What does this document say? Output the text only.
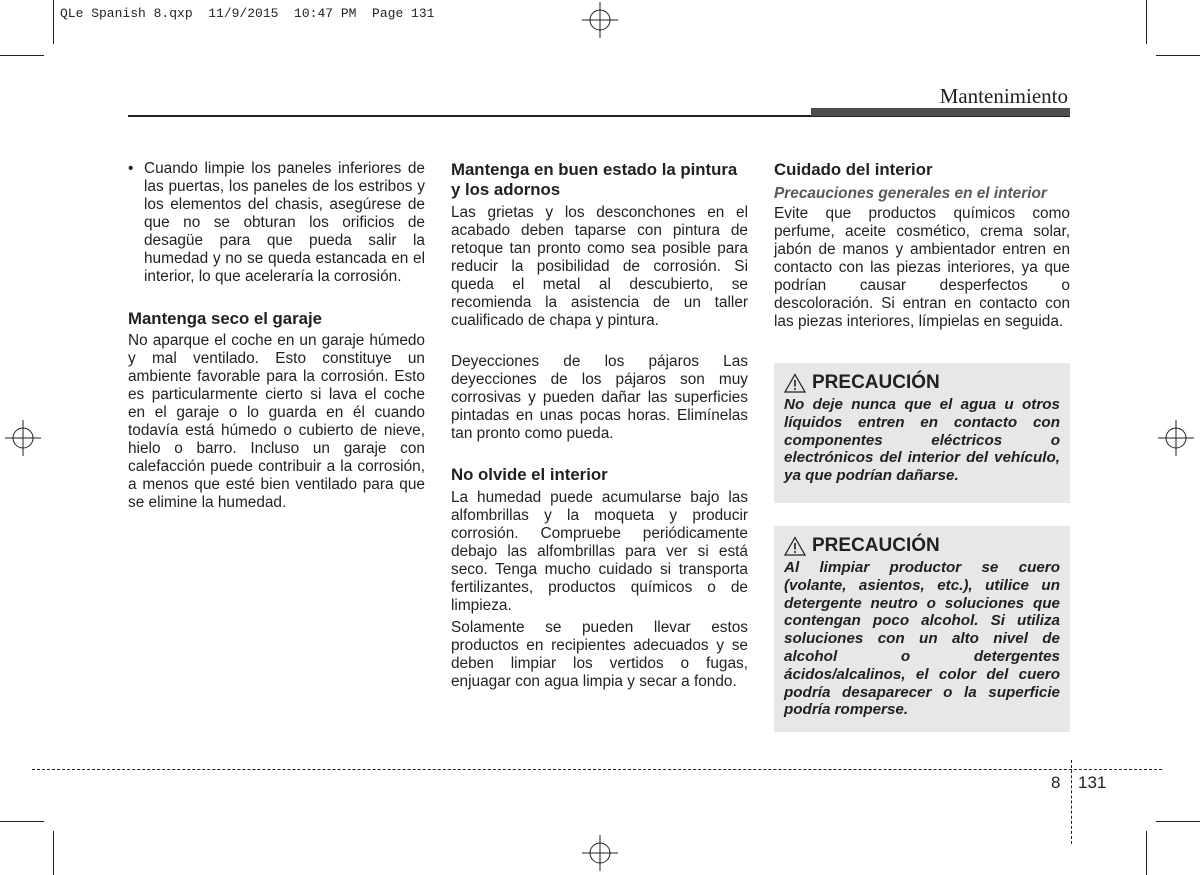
QLe Spanish 8.qxp  11/9/2015  10:47 PM  Page 131
Mantenimiento
• Cuando limpie los paneles inferiores de las puertas, los paneles de los estribos y los elementos del chasis, asegúrese de que no se obturan los orificios de desagüe para que pueda salir la humedad y no se queda estancada en el interior, lo que aceleraría la corrosión.
Mantenga seco el garaje

No aparque el coche en un garaje húmedo y mal ventilado. Esto constituye un ambiente favorable para la corrosión. Esto es particularmente cierto si lava el coche en el garaje o lo guarda en él cuando todavía está húmedo o cubierto de nieve, hielo o barro. Incluso un garaje con calefacción puede contribuir a la corrosión, a menos que esté bien ventilado para que se elimine la humedad.

Mantenga en buen estado la pintura y los adornos

Las grietas y los desconchones en el acabado deben taparse con pintura de retoque tan pronto como sea posible para reducir la posibilidad de corrosión. Si queda el metal al descubierto, se recomienda la asistencia de un taller cualificado de chapa y pintura.

Deyecciones de los pájaros Las deyecciones de los pájaros son muy corrosivas y pueden dañar las superficies pintadas en unas pocas horas. Elimínelas tan pronto como pueda.

No olvide el interior

La humedad puede acumularse bajo las alfombrillas y la moqueta y producir corrosión. Compruebe periódicamente debajo las alfombrillas para ver si está seco. Tenga mucho cuidado si transporta fertilizantes, productos químicos o de limpieza.

Solamente se pueden llevar estos productos en recipientes adecuados y se deben limpiar los vertidos o fugas, enjuagar con agua limpia y secar a fondo.

Cuidado del interior

Precauciones generales en el interior

Evite que productos químicos como perfume, aceite cosmético, crema solar, jabón de manos y ambientador entren en contacto con las piezas interiores, ya que podrían causar desperfectos o descoloración. Si entran en contacto con las piezas interiores, límpielas en seguida.

PRECAUCIÓN

No deje nunca que el agua u otros líquidos entren en contacto con componentes eléctricos o electrónicos del interior del vehículo, ya que podrían dañarse.

PRECAUCIÓN

Al limpiar productor se cuero (volante, asientos, etc.), utilice un detergente neutro o soluciones que contengan poco alcohol. Si utiliza soluciones con un alto nivel de alcohol o detergentes ácidos/alcalinos, el color del cuero podría desaparecer o la superficie podría romperse.

8 131
